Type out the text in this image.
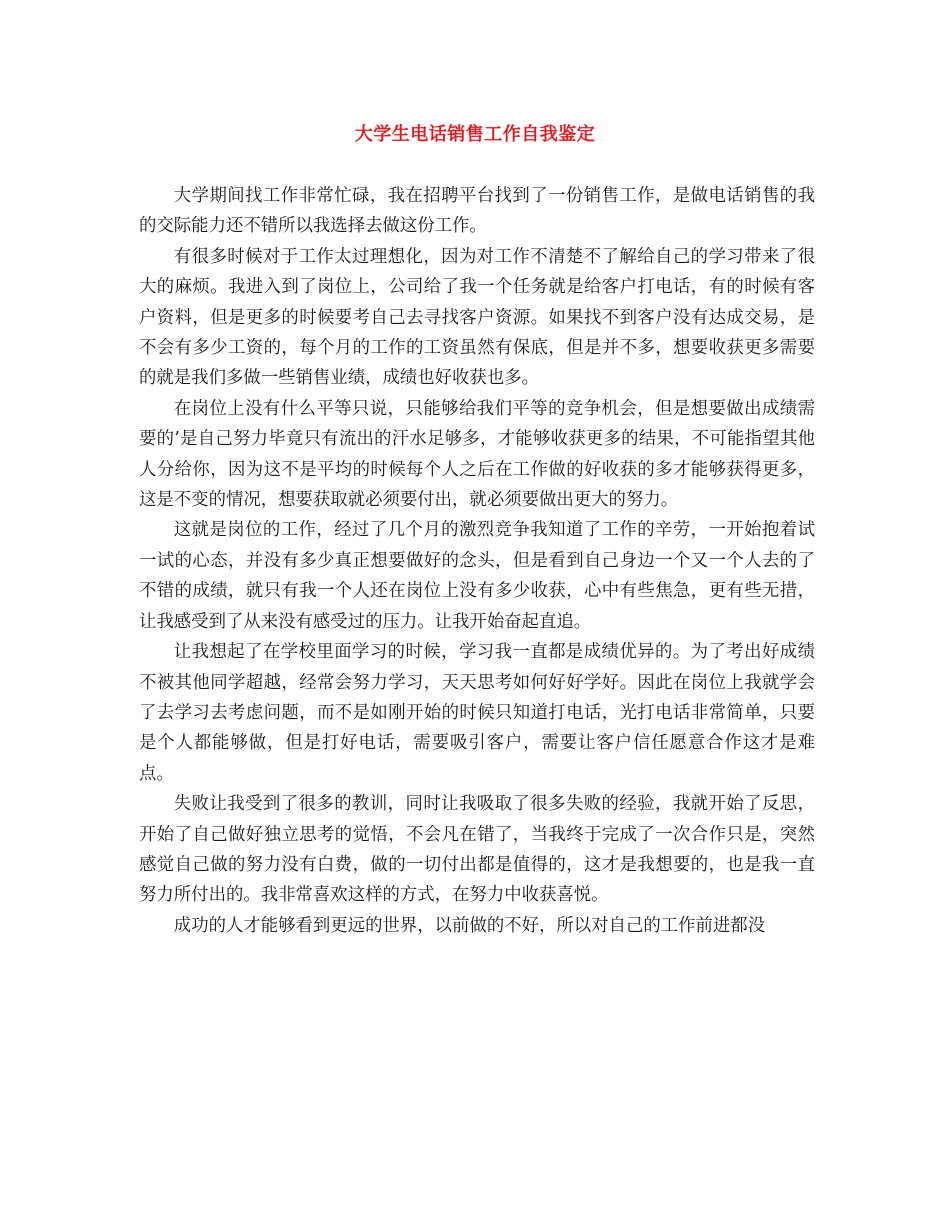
大学生电话销售工作自我鉴定

大学期间找工作非常忙碌，我在招聘平台找到了一份销售工作，是做电话销售的我的交际能力还不错所以我选择去做这份工作。

有很多时候对于工作太过理想化，因为对工作不清楚不了解给自己的学习带来了很大的麻烦。我进入到了岗位上，公司给了我一个任务就是给客户打电话，有的时候有客户资料，但是更多的时候要考自己去寻找客户资源。如果找不到客户没有达成交易，是不会有多少工资的，每个月的工作的工资虽然有保底，但是并不多，想要收获更多需要的就是我们多做一些销售业绩，成绩也好收获也多。

在岗位上没有什么平等只说，只能够给我们平等的竞争机会，但是想要做出成绩需要的’是自己努力毕竟只有流出的汗水足够多，才能够收获更多的结果，不可能指望其他人分给你，因为这不是平均的时候每个人之后在工作做的好收获的多才能够获得更多，这是不变的情况，想要获取就必须要付出，就必须要做出更大的努力。

这就是岗位的工作，经过了几个月的激烈竞争我知道了工作的辛劳，一开始抱着试一试的心态，并没有多少真正想要做好的念头，但是看到自己身边一个又一个人去的了不错的成绩，就只有我一个人还在岗位上没有多少收获，心中有些焦急，更有些无措，让我感受到了从来没有感受过的压力。让我开始奋起直追。

让我想起了在学校里面学习的时候，学习我一直都是成绩优异的。为了考出好成绩不被其他同学超越，经常会努力学习，天天思考如何好好学好。因此在岗位上我就学会了去学习去考虑问题，而不是如刚开始的时候只知道打电话，光打电话非常简单，只要是个人都能够做，但是打好电话，需要吸引客户，需要让客户信任愿意合作这才是难点。

失败让我受到了很多的教训，同时让我吸取了很多失败的经验，我就开始了反思，开始了自己做好独立思考的觉悟，不会凡在错了，当我终于完成了一次合作只是，突然感觉自己做的努力没有白费，做的一切付出都是值得的，这才是我想要的，也是我一直努力所付出的。我非常喜欢这样的方式，在努力中收获喜悦。

成功的人才能够看到更远的世界，以前做的不好，所以对自己的工作前进都没
